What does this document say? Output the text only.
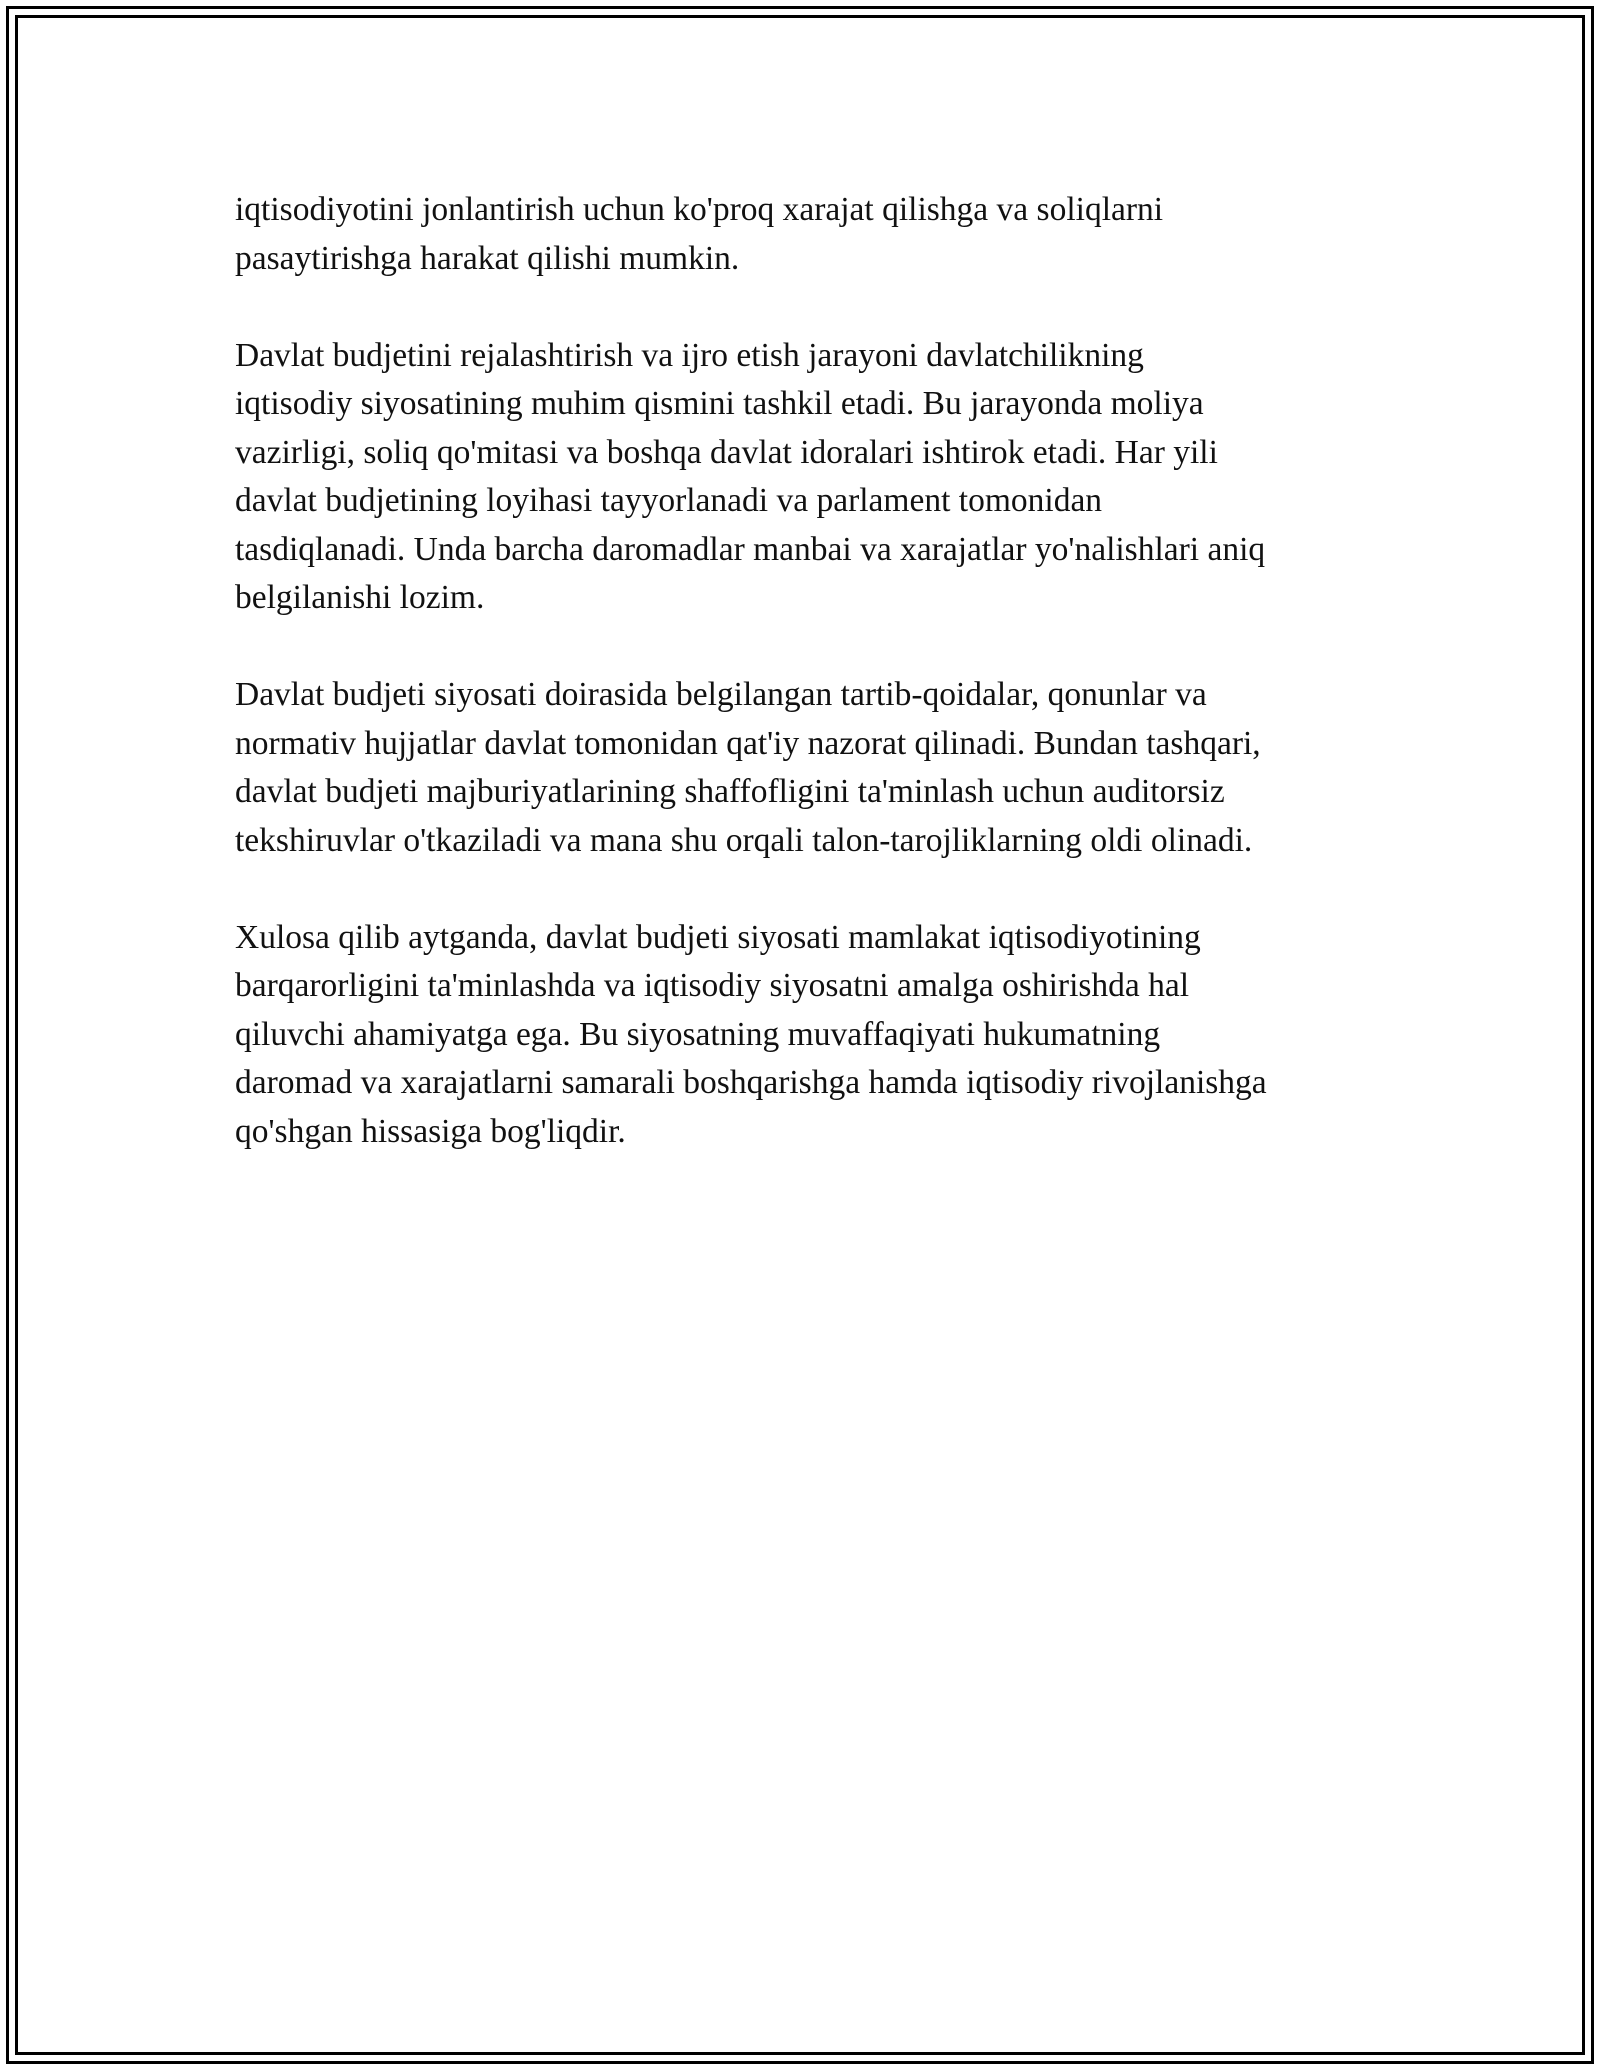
iqtisodiyotini jonlantirish uchun ko'proq xarajat qilishga va soliqlarni
pasaytirishga harakat qilishi mumkin.

Davlat budjetini rejalashtirish va ijro etish jarayoni davlatchilikning
iqtisodiy siyosatining muhim qismini tashkil etadi. Bu jarayonda moliya
vazirligi, soliq qo'mitasi va boshqa davlat idoralari ishtirok etadi. Har yili
davlat budjetining loyihasi tayyorlanadi va parlament tomonidan
tasdiqlanadi. Unda barcha daromadlar manbai va xarajatlar yo'nalishlari aniq
belgilanishi lozim.

Davlat budjeti siyosati doirasida belgilangan tartib-qoidalar, qonunlar va
normativ hujjatlar davlat tomonidan qat'iy nazorat qilinadi. Bundan tashqari,
davlat budjeti majburiyatlarining shaffofligini ta'minlash uchun auditorsiz
tekshiruvlar o'tkaziladi va mana shu orqali talon-tarojliklarning oldi olinadi.

Xulosa qilib aytganda, davlat budjeti siyosati mamlakat iqtisodiyotining
barqarorligini ta'minlashda va iqtisodiy siyosatni amalga oshirishda hal
qiluvchi ahamiyatga ega. Bu siyosatning muvaffaqiyati hukumatning
daromad va xarajatlarni samarali boshqarishga hamda iqtisodiy rivojlanishga
qo'shgan hissasiga bog'liqdir.
